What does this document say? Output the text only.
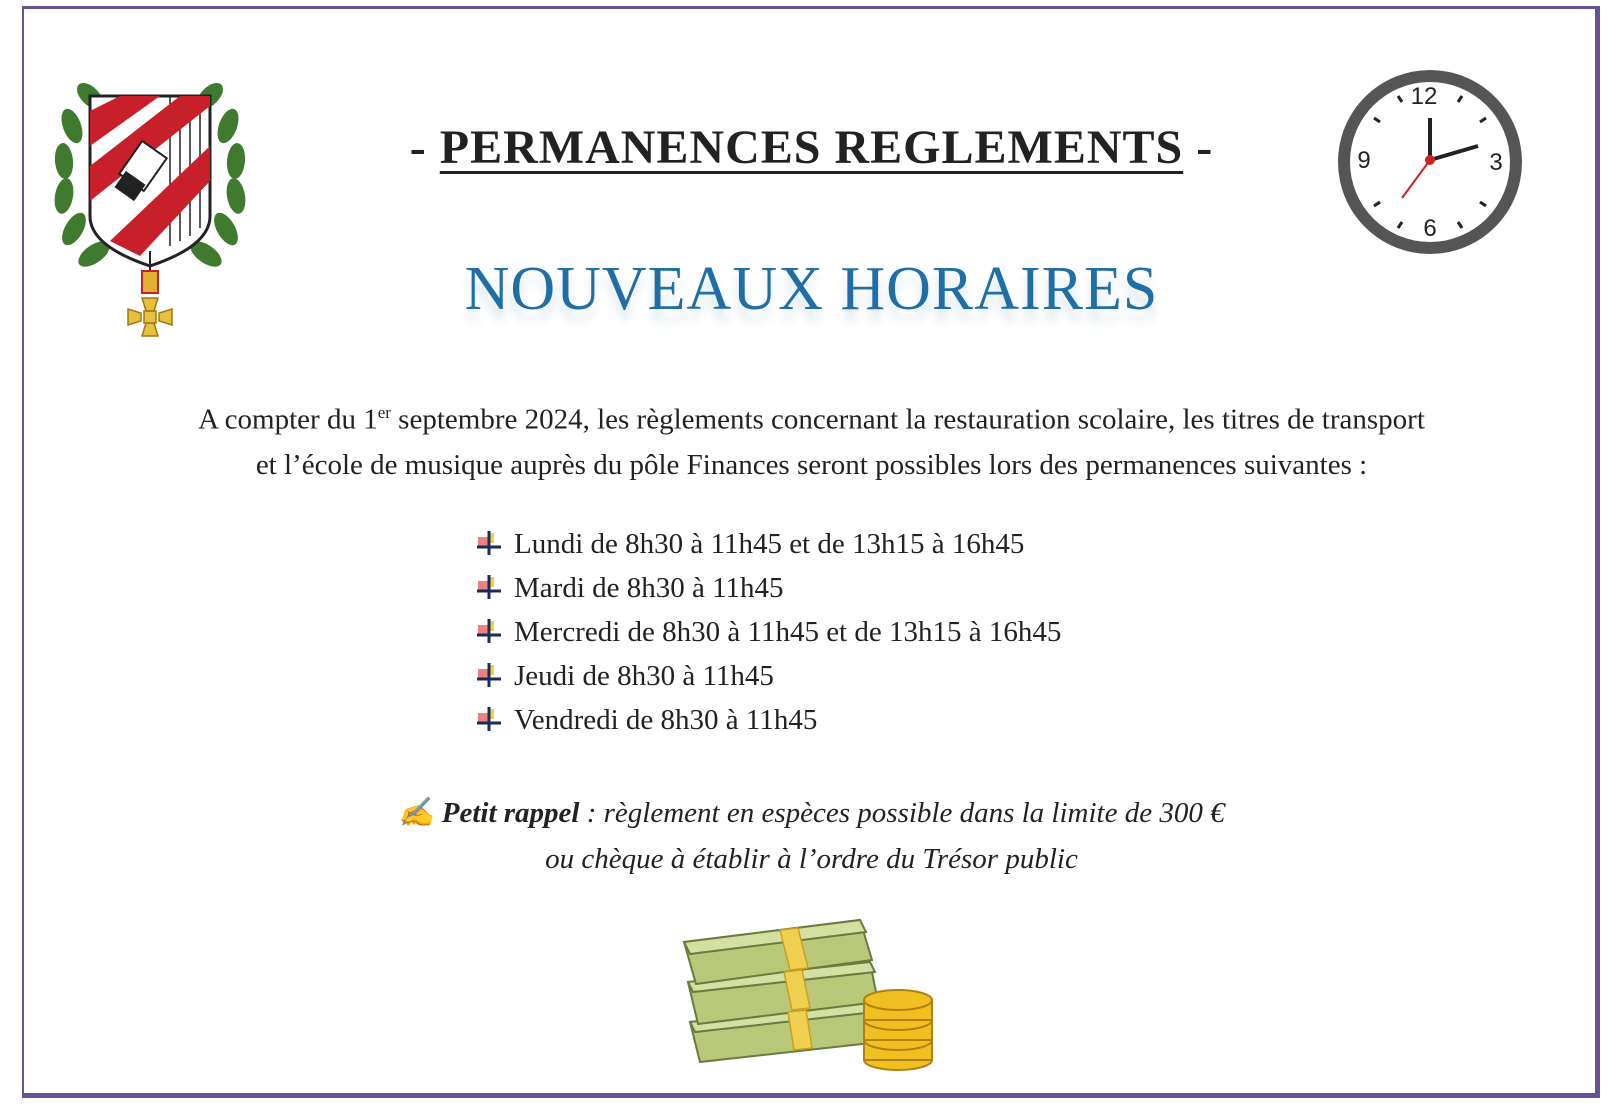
12
3
6
9
- PERMANENCES REGLEMENTS -
NOUVEAUX HORAIRES
A compter du 1er septembre 2024, les règlements concernant la restauration scolaire, les titres de transport
et l’école de musique auprès du pôle Finances seront possibles lors des permanences suivantes :
Lundi de 8h30 à 11h45 et de 13h15 à 16h45
Mardi de 8h30 à 11h45
Mercredi de 8h30 à 11h45 et de 13h15 à 16h45
Jeudi de 8h30 à 11h45
Vendredi de 8h30 à 11h45
✍ Petit rappel : règlement en espèces possible dans la limite de 300 €
ou chèque à établir à l’ordre du Trésor public
